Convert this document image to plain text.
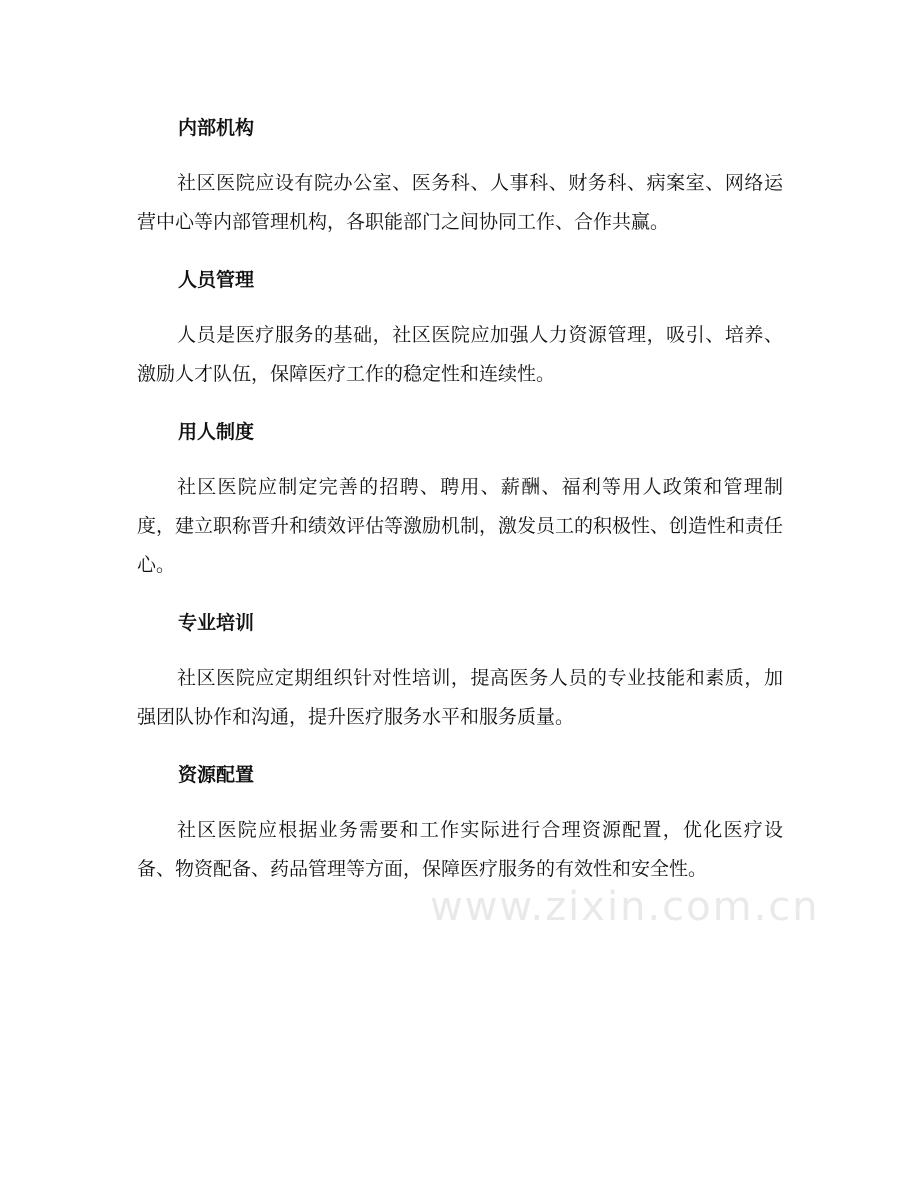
内部机构
社区医院应设有院办公室、医务科、人事科、财务科、病案室、网络运营中心等内部管理机构，各职能部门之间协同工作、合作共赢。
人员管理
人员是医疗服务的基础，社区医院应加强人力资源管理，吸引、培养、激励人才队伍，保障医疗工作的稳定性和连续性。
用人制度
社区医院应制定完善的招聘、聘用、薪酬、福利等用人政策和管理制度，建立职称晋升和绩效评估等激励机制，激发员工的积极性、创造性和责任心。
专业培训
社区医院应定期组织针对性培训，提高医务人员的专业技能和素质，加强团队协作和沟通，提升医疗服务水平和服务质量。
资源配置
社区医院应根据业务需要和工作实际进行合理资源配置，优化医疗设备、物资配备、药品管理等方面，保障医疗服务的有效性和安全性。
www.zixin.com.cn
